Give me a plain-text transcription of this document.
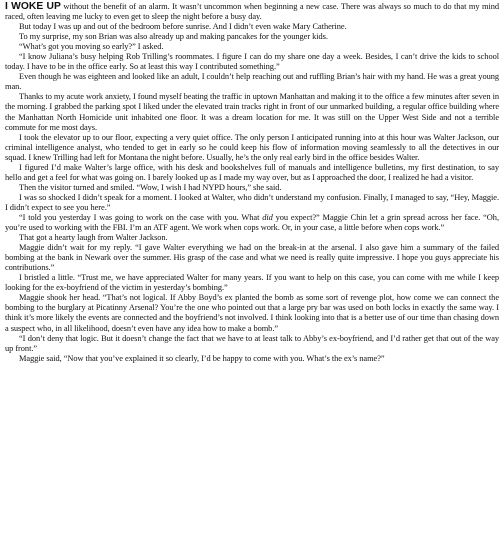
I WOKE UP without the benefit of an alarm. It wasn’t uncommon when beginning a new case. There was always so much to do that my mind raced, often leaving me lucky to even get to sleep the night before a busy day.

But today I was up and out of the bedroom before sunrise. And I didn’t even wake Mary Catherine.

To my surprise, my son Brian was also already up and making pancakes for the younger kids.

“What’s got you moving so early?” I asked.

“I know Juliana’s busy helping Rob Trilling’s roommates. I figure I can do my share one day a week. Besides, I can’t drive the kids to school today. I have to be in the office early. So at least this way I contributed something.”

Even though he was eighteen and looked like an adult, I couldn’t help reaching out and ruffling Brian’s hair with my hand. He was a great young man.

Thanks to my acute work anxiety, I found myself beating the traffic in uptown Manhattan and making it to the office a few minutes after seven in the morning. I grabbed the parking spot I liked under the elevated train tracks right in front of our unmarked building, a regular office building where the Manhattan North Homicide unit inhabited one floor. It was a dream location for me. It was still on the Upper West Side and not a terrible commute for me most days.

I took the elevator up to our floor, expecting a very quiet office. The only person I anticipated running into at this hour was Walter Jackson, our criminal intelligence analyst, who tended to get in early so he could keep his flow of information moving seamlessly to all the detectives in our squad. I knew Trilling had left for Montana the night before. Usually, he’s the only real early bird in the office besides Walter.

I figured I’d make Walter’s large office, with his desk and bookshelves full of manuals and intelligence bulletins, my first destination, to say hello and get a feel for what was going on. I barely looked up as I made my way over, but as I approached the door, I realized he had a visitor.

Then the visitor turned and smiled. “Wow, I wish I had NYPD hours,” she said.

I was so shocked I didn’t speak for a moment. I looked at Walter, who didn’t understand my confusion. Finally, I managed to say, “Hey, Maggie. I didn’t expect to see you here.”

“I told you yesterday I was going to work on the case with you. What did you expect?” Maggie Chin let a grin spread across her face. “Oh, you’re used to working with the FBI. I’m an ATF agent. We work when cops work. Or, in your case, a little before when cops work.”

That got a hearty laugh from Walter Jackson.

Maggie didn’t wait for my reply. “I gave Walter everything we had on the break-in at the arsenal. I also gave him a summary of the failed bombing at the bank in Newark over the summer. His grasp of the case and what we need is really quite impressive. I hope you guys appreciate his contributions.”

I bristled a little. “Trust me, we have appreciated Walter for many years. If you want to help on this case, you can come with me while I keep looking for the ex-boyfriend of the victim in yesterday’s bombing.”

Maggie shook her head. “That’s not logical. If Abby Boyd’s ex planted the bomb as some sort of revenge plot, how come we can connect the bombing to the burglary at Picatinny Arsenal? You’re the one who pointed out that a large pry bar was used on both locks in exactly the same way. I think it’s more likely the events are connected and the boyfriend’s not involved. I think looking into that is a better use of our time than chasing down a suspect who, in all likelihood, doesn’t even have any idea how to make a bomb.”

“I don’t deny that logic. But it doesn’t change the fact that we have to at least talk to Abby’s ex-boyfriend, and I’d rather get that out of the way up front.”

Maggie said, “Now that you’ve explained it so clearly, I’d be happy to come with you. What’s the ex’s name?”
